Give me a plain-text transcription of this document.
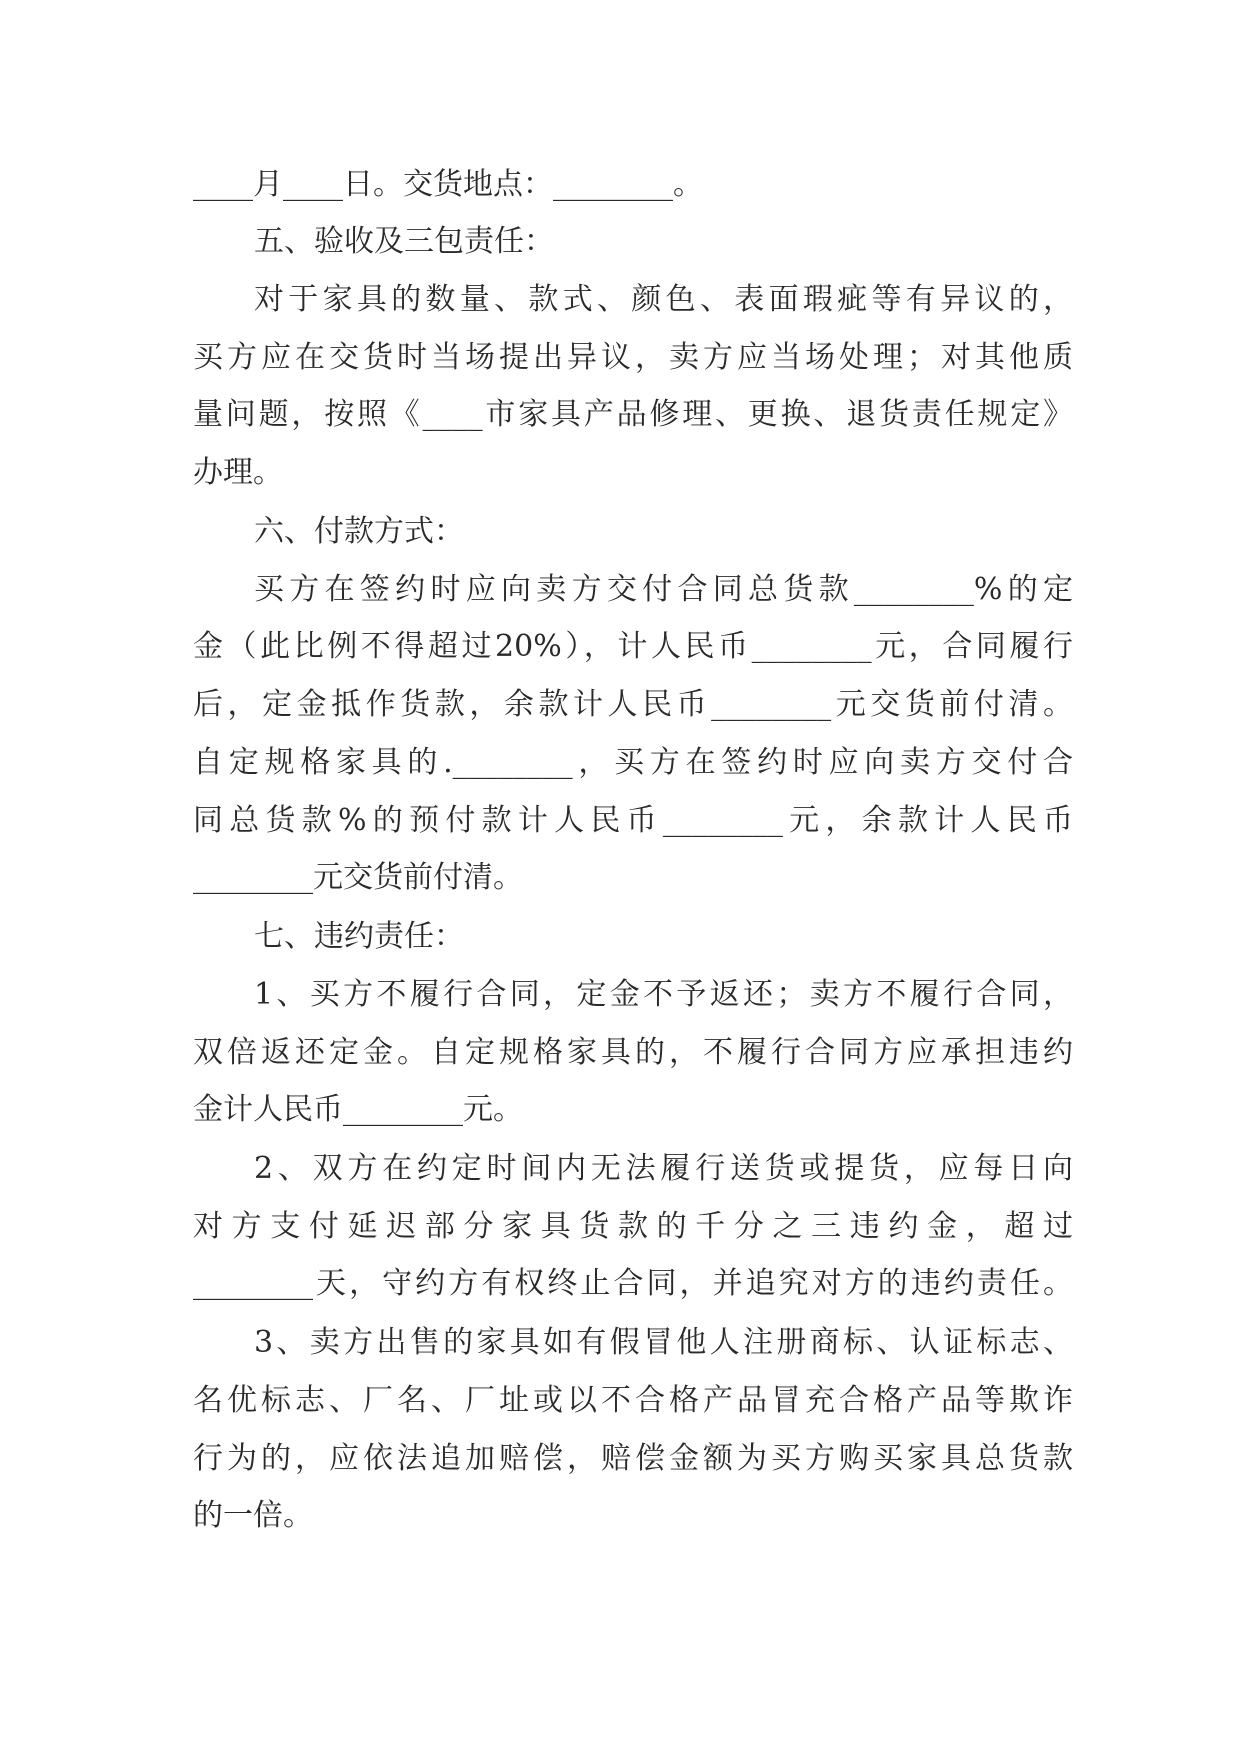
____月____日。交货地点：________。

五、验收及三包责任：

对于家具的数量、款式、颜色、表面瑕疵等有异议的，

买方应在交货时当场提出异议，卖方应当场处理；对其他质

量问题，按照《____市家具产品修理、更换、退货责任规定》

办理。

六、付款方式：

买方在签约时应向卖方交付合同总货款________%的定

金（此比例不得超过20%），计人民币________元，合同履行

后，定金抵作货款，余款计人民币________元交货前付清。

自定规格家具的.________，买方在签约时应向卖方交付合

同总货款%的预付款计人民币________元，余款计人民币

________元交货前付清。

七、违约责任：

1、买方不履行合同，定金不予返还；卖方不履行合同，

双倍返还定金。自定规格家具的，不履行合同方应承担违约

金计人民币________元。

2、双方在约定时间内无法履行送货或提货，应每日向

对方支付延迟部分家具货款的千分之三违约金，超过

________天，守约方有权终止合同，并追究对方的违约责任。

3、卖方出售的家具如有假冒他人注册商标、认证标志、

名优标志、厂名、厂址或以不合格产品冒充合格产品等欺诈

行为的，应依法追加赔偿，赔偿金额为买方购买家具总货款

的一倍。
